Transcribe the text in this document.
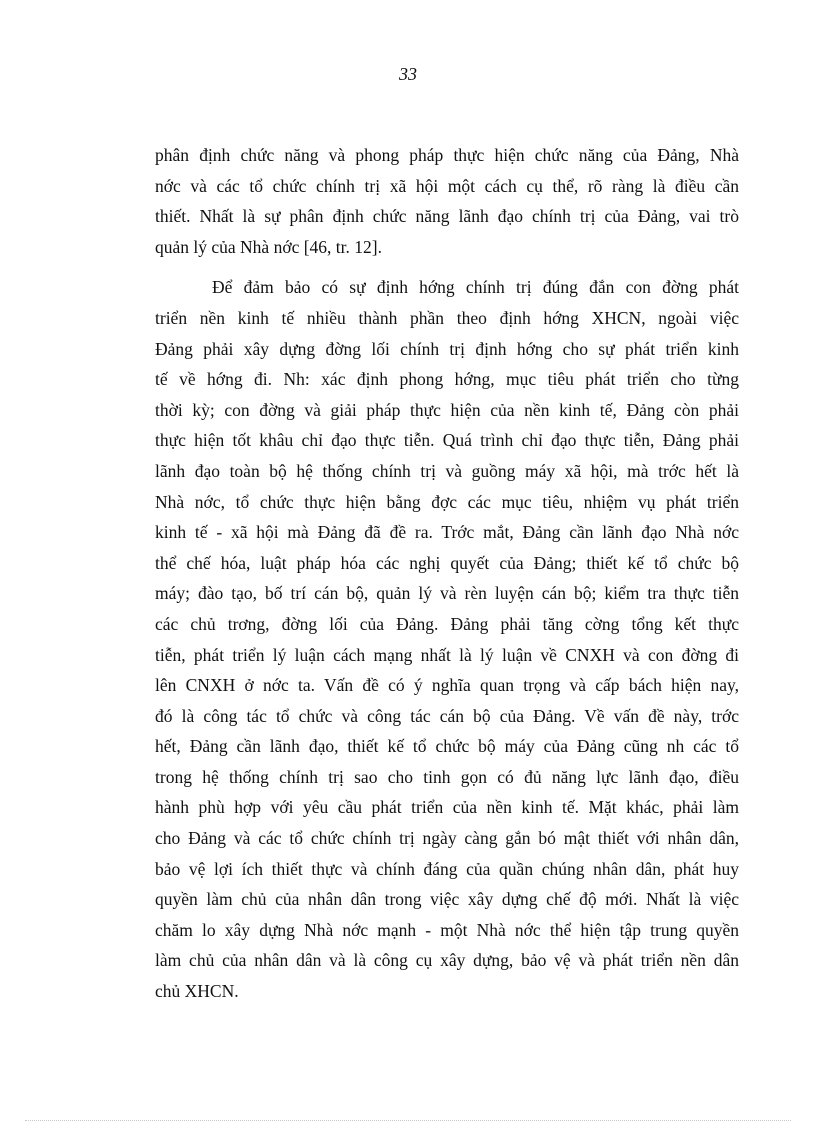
33
phân định chức năng và phong pháp thực hiện chức năng của Đảng, Nhà
nớc và các tổ chức chính trị xã hội một cách cụ thể, rõ ràng là điều cần
thiết. Nhất là sự phân định chức năng lãnh đạo chính trị của Đảng, vai trò
quản lý của Nhà nớc [46, tr. 12].
Để đảm bảo có sự định hớng chính trị đúng đắn con đờng phát
triển nền kinh tế nhiều thành phần theo định hớng XHCN, ngoài việc
Đảng phải xây dựng đờng lối chính trị định hớng cho sự phát triển kinh
tế về hớng đi. Nh: xác định phong hớng, mục tiêu phát triển cho từng
thời kỳ; con đờng và giải pháp thực hiện của nền kinh tế, Đảng còn phải
thực hiện tốt khâu chỉ đạo thực tiễn. Quá trình chỉ đạo thực tiễn, Đảng phải
lãnh đạo toàn bộ hệ thống chính trị và guồng máy xã hội, mà trớc hết là
Nhà nớc, tổ chức thực hiện bằng đợc các mục tiêu, nhiệm vụ phát triển
kinh tế - xã hội mà Đảng đã đề ra. Trớc mắt, Đảng cần lãnh đạo Nhà nớc
thể chế hóa, luật pháp hóa các nghị quyết của Đảng; thiết kế tổ chức bộ
máy; đào tạo, bố trí cán bộ, quản lý và rèn luyện cán bộ; kiểm tra thực tiễn
các chủ trơng, đờng lối của Đảng. Đảng phải tăng cờng tổng kết thực
tiễn, phát triển lý luận cách mạng nhất là lý luận về CNXH và con đờng đi
lên CNXH ở nớc ta. Vấn đề có ý nghĩa quan trọng và cấp bách hiện nay,
đó là công tác tổ chức và công tác cán bộ của Đảng. Về vấn đề này, trớc
hết, Đảng cần lãnh đạo, thiết kế tổ chức bộ máy của Đảng cũng nh các tổ
trong hệ thống chính trị sao cho tinh gọn có đủ năng lực lãnh đạo, điều
hành phù hợp với yêu cầu phát triển của nền kinh tế. Mặt khác, phải làm
cho Đảng và các tổ chức chính trị ngày càng gắn bó mật thiết với nhân dân,
bảo vệ lợi ích thiết thực và chính đáng của quần chúng nhân dân, phát huy
quyền làm chủ của nhân dân trong việc xây dựng chế độ mới. Nhất là việc
chăm lo xây dựng Nhà nớc mạnh - một Nhà nớc thể hiện tập trung quyền
làm chủ của nhân dân và là công cụ xây dựng, bảo vệ và phát triển nền dân
chủ XHCN.
